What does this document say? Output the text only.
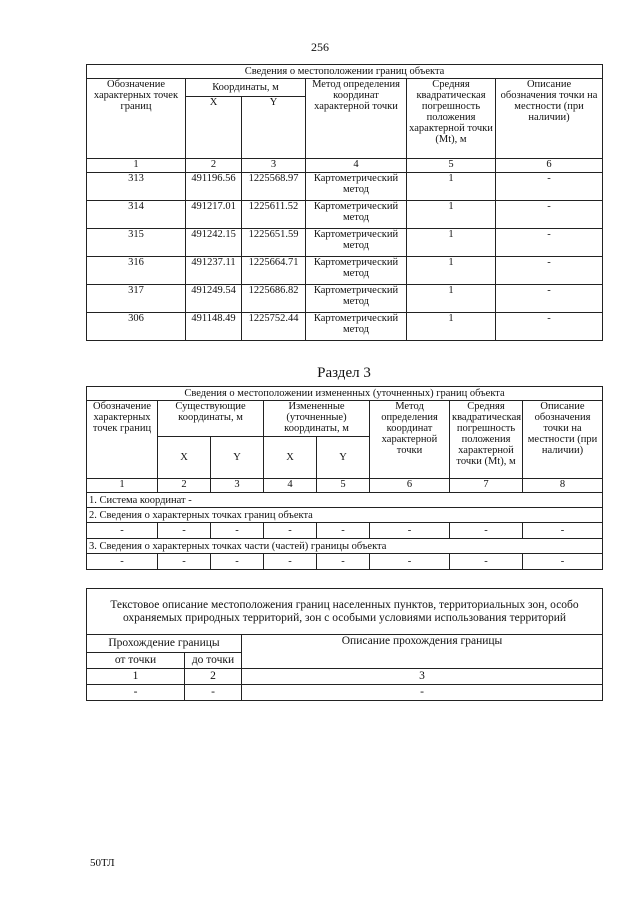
256
Сведения о местоположении границ объекта					
Обозначение характерных точек границ	Координаты, м		Метод определения координат характерной точки	Средняя квадратическая погрешность положения характерной точки (Mt), м	Описание обозначения точки на местности (при наличии)
	X	Y			
1	2	3	4	5	6
313	491196.56	1225568.97	Картометрический метод	1	-
314	491217.01	1225611.52	Картометрический метод	1	-
315	491242.15	1225651.59	Картометрический метод	1	-
316	491237.11	1225664.71	Картометрический метод	1	-
317	491249.54	1225686.82	Картометрический метод	1	-
306	491148.49	1225752.44	Картометрический метод	1	-
Раздел 3
Сведения о местоположении измененных (уточненных) границ объекта							
Обозначение характерных точек границ	Существующие координаты, м		Измененные (уточненные) координаты, м		Метод определения координат характерной точки	Средняя квадратическая погрешность положения характерной точки (Mt), м	Описание обозначения точки на местности (при наличии)
	X	Y	X	Y			
1	2	3	4	5	6	7	8
1. Система координат -							
2. Сведения о характерных точках границ объекта							
-	-	-	-	-	-	-	-
3. Сведения о характерных точках части (частей) границы объекта							
-	-	-	-	-	-	-	-
Текстовое описание местоположения границ населенных пунктов, территориальных зон, особо охраняемых природных территорий, зон с особыми условиями использования территорий		
Прохождение границы		Описание прохождения границы
от точки	до точки	
1	2	3
-	-	-
50ТЛ
